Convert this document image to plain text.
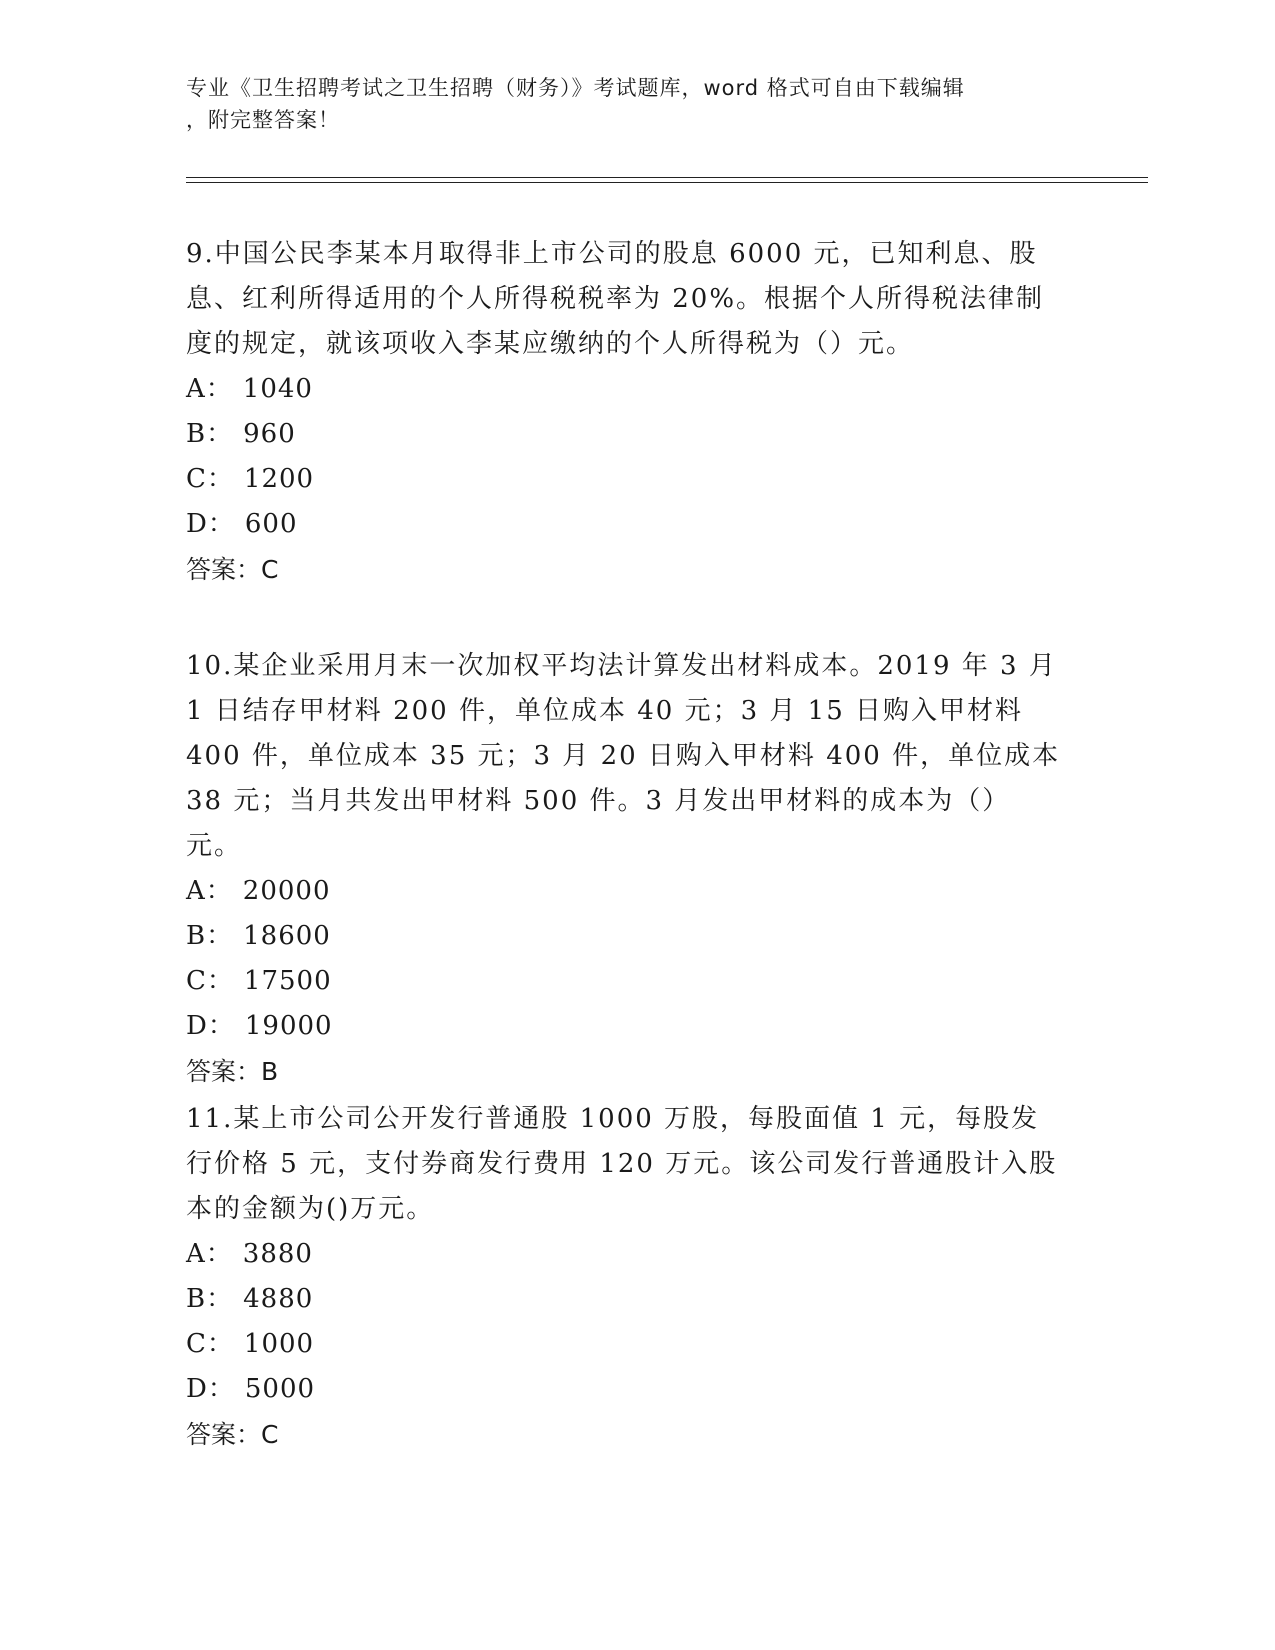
专业《卫生招聘考试之卫生招聘（财务）》考试题库，word 格式可自由下载编辑
，附完整答案！

9.中国公民李某本月取得非上市公司的股息 6000 元，已知利息、股息、红利所得适用的个人所得税税率为 20%。根据个人所得税法律制度的规定，就该项收入李某应缴纳的个人所得税为（）元。

A： 1040

B： 960

C： 1200

D： 600

答案：C

10.某企业采用月末一次加权平均法计算发出材料成本。2019 年 3 月 1 日结存甲材料 200 件，单位成本 40 元；3 月 15 日购入甲材料 400 件，单位成本 35 元；3 月 20 日购入甲材料 400 件，单位成本 38 元；当月共发出甲材料 500 件。3 月发出甲材料的成本为（）元。

A： 20000

B： 18600

C： 17500

D： 19000

答案：B

11.某上市公司公开发行普通股 1000 万股，每股面值 1 元，每股发行价格 5 元，支付券商发行费用 120 万元。该公司发行普通股计入股本的金额为()万元。

A： 3880

B： 4880

C： 1000

D： 5000

答案：C
